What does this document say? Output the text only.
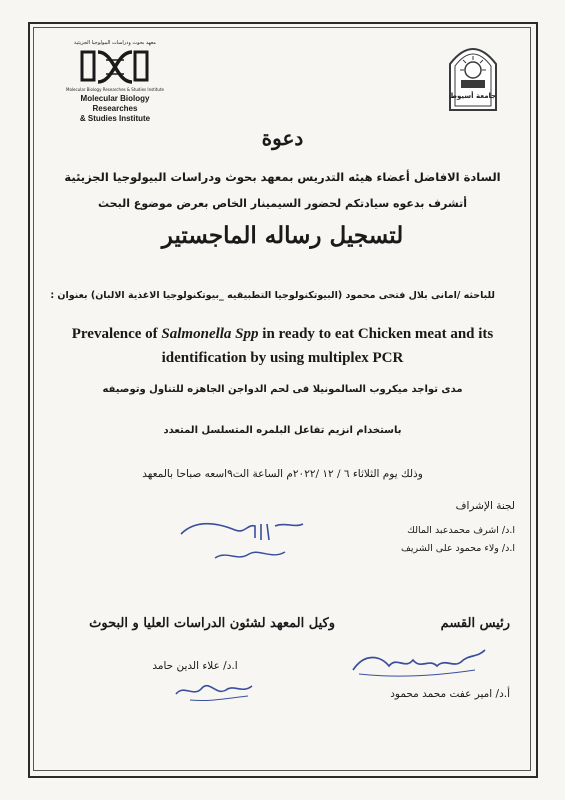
معهد بحوث ودراسات البيولوجيا الجزيئية
Molecular Biology Researches & Studies Institute
Molecular Biology Researches
& Studies Institute
جامعة أسيوط
دعوة
السادة الافاضل أعضاء هيئه التدريس بمعهد بحوث ودراسات البيولوجيا الجزيئية
أتشرف بدعوه سيادتكم لحضور السيمينار الخاص بعرض موضوع البحث
لتسجيل رساله الماجستير
للباحثه /امانى بلال فتحى محمود (البيوتكنولوجيا التطبيقيه _بيوتكنولوجيا الاغذية الالبان) بعنوان :
Prevalence of Salmonella Spp in ready to eat Chicken meat and its identification by using multiplex PCR
مدى تواجد ميكروب السالمونيلا فى لحم الدواجن الجاهزه للتناول وتوصيفه
باستخدام انزيم تفاعل البلمره المتسلسل المتعدد
وذلك يوم الثلاثاء ٦ / ١٢ /٢٠٢٢م الساعة الت٩اسعه صباحا بالمعهد
لجنة الإشراف
ا.د/ اشرف محمدعبد المالك
ا.د/ ولاء محمود على الشريف
رئيس القسم
وكيل المعهد لشئون الدراسات العليا و البحوث
ا.د/ علاء الدين حامد
أ.د/ امير عفت محمد محمود
